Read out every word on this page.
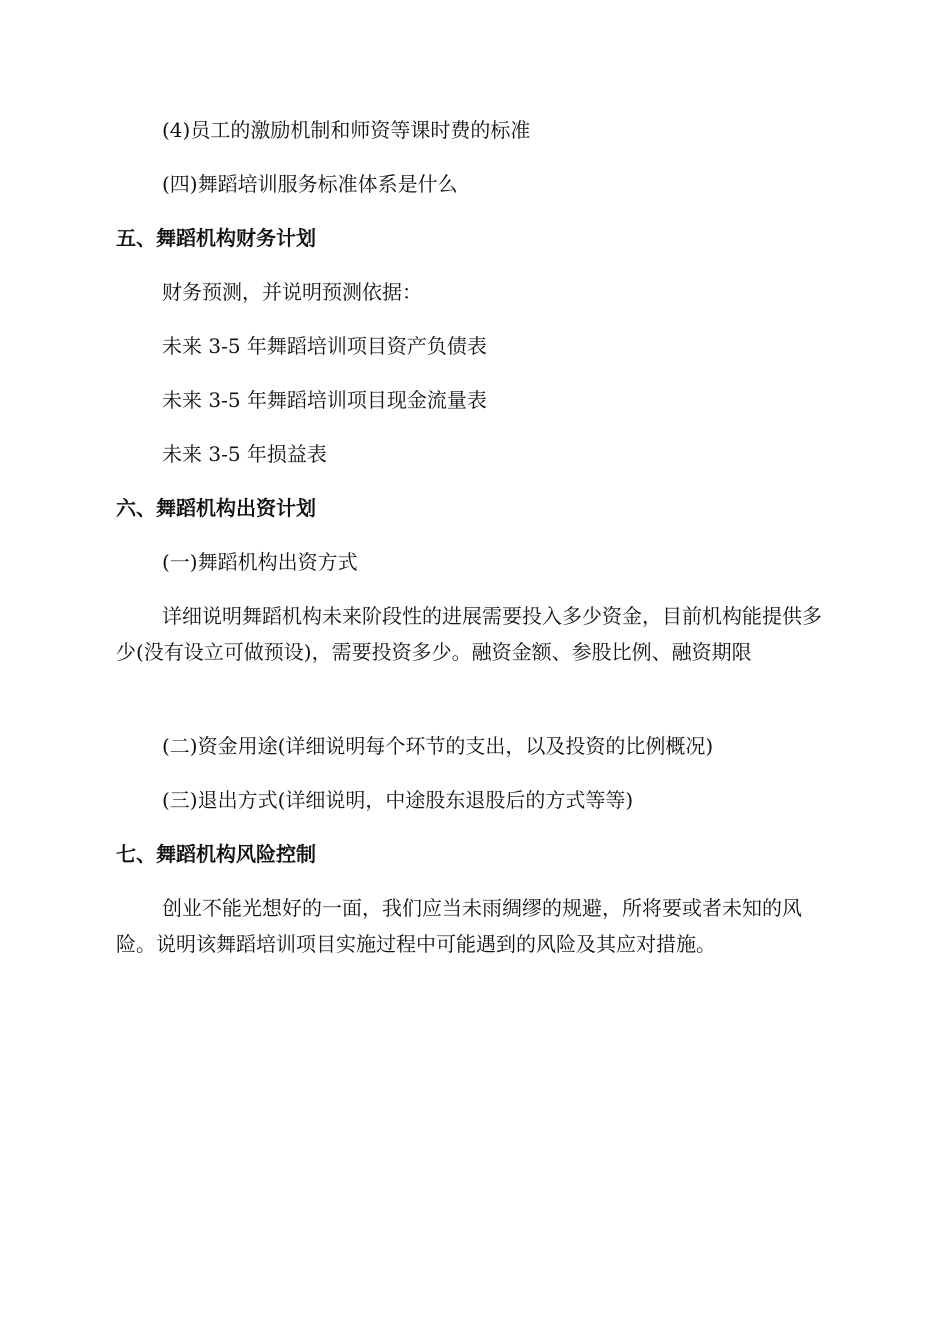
(4)员工的激励机制和师资等课时费的标准

(四)舞蹈培训服务标准体系是什么

五、舞蹈机构财务计划

财务预测，并说明预测依据：

未来 3-5 年舞蹈培训项目资产负债表

未来 3-5 年舞蹈培训项目现金流量表

未来 3-5 年损益表

六、舞蹈机构出资计划

(一)舞蹈机构出资方式

详细说明舞蹈机构未来阶段性的进展需要投入多少资金，目前机构能提供多少(没有设立可做预设)，需要投资多少。融资金额、参股比例、融资期限

(二)资金用途(详细说明每个环节的支出，以及投资的比例概况)

(三)退出方式(详细说明，中途股东退股后的方式等等)

七、舞蹈机构风险控制

创业不能光想好的一面，我们应当未雨绸缪的规避，所将要或者未知的风险。说明该舞蹈培训项目实施过程中可能遇到的风险及其应对措施。
